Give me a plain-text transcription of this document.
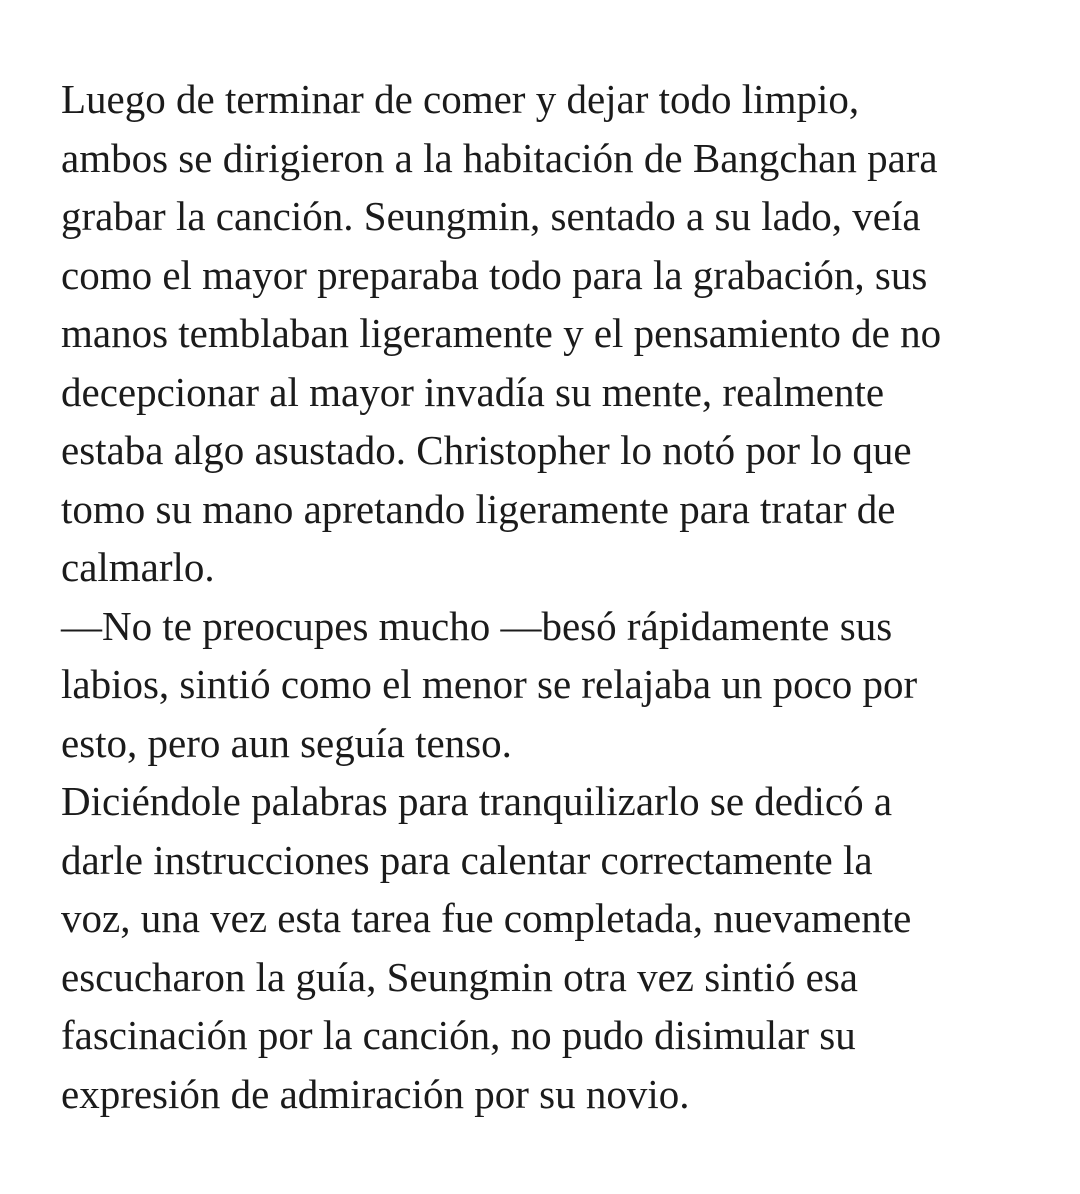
Luego de terminar de comer y dejar todo limpio,
ambos se dirigieron a la habitación de Bangchan para
grabar la canción. Seungmin, sentado a su lado, veía
como el mayor preparaba todo para la grabación, sus
manos temblaban ligeramente y el pensamiento de no
decepcionar al mayor invadía su mente, realmente
estaba algo asustado. Christopher lo notó por lo que
tomo su mano apretando ligeramente para tratar de
calmarlo.
—No te preocupes mucho —besó rápidamente sus
labios, sintió como el menor se relajaba un poco por
esto, pero aun seguía tenso.
Diciéndole palabras para tranquilizarlo se dedicó a
darle instrucciones para calentar correctamente la
voz, una vez esta tarea fue completada, nuevamente
escucharon la guía, Seungmin otra vez sintió esa
fascinación por la canción, no pudo disimular su
expresión de admiración por su novio.
